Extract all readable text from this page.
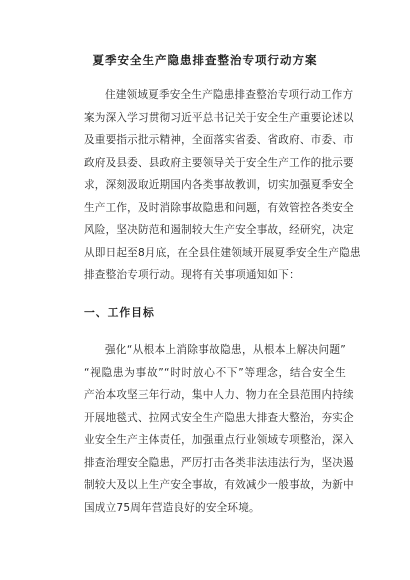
夏季安全生产隐患排查整治专项行动方案
住建领域夏季安全生产隐患排查整治专项行动工作方
案为深入学习贯彻习近平总书记关于安全生产重要论述以
及重要指示批示精神，全面落实省委、省政府、市委、市
政府及县委、县政府主要领导关于安全生产工作的批示要
求，深刻汲取近期国内各类事故教训，切实加强夏季安全
生产工作，及时消除事故隐患和问题，有效管控各类安全
风险，坚决防范和遏制较大生产安全事故，经研究，决定
从即日起至8月底，在全县住建领域开展夏季安全生产隐患
排查整治专项行动。现将有关事项通知如下：
一、工作目标
强化“从根本上消除事故隐患，从根本上解决问题”
“视隐患为事故”“时时放心不下”等理念，结合安全生
产治本攻坚三年行动，集中人力、物力在全县范围内持续
开展地毯式、拉网式安全生产隐患大排查大整治，夯实企
业安全生产主体责任，加强重点行业领域专项整治，深入
排查治理安全隐患，严厉打击各类非法违法行为，坚决遏
制较大及以上生产安全事故，有效减少一般事故，为新中
国成立75周年营造良好的安全环境。
